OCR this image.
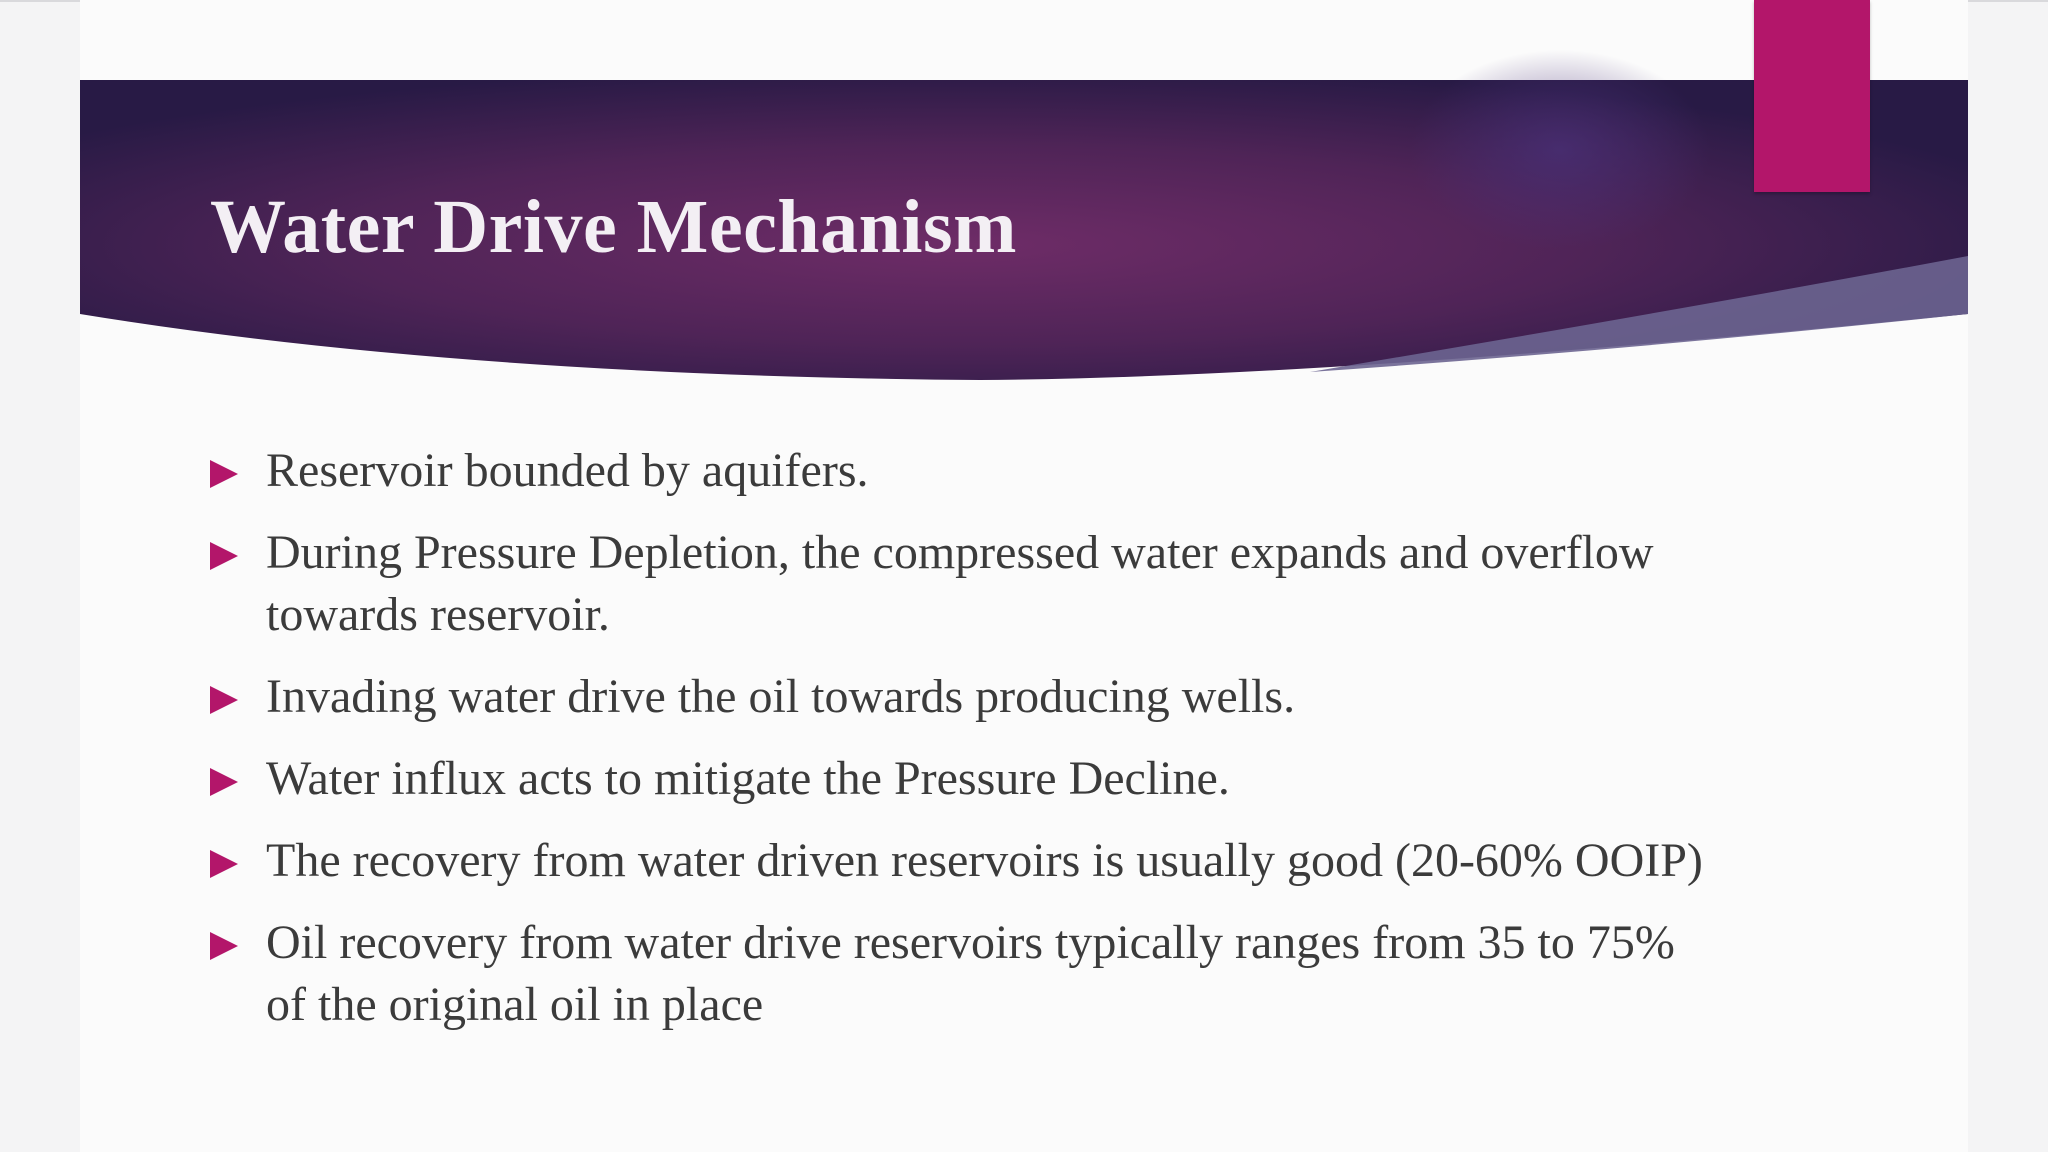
Water Drive Mechanism
Reservoir bounded by aquifers.
During Pressure Depletion, the compressed water expands and overflow towards reservoir.
Invading water drive the oil towards producing wells.
Water influx acts to mitigate the Pressure Decline.
The recovery from water driven reservoirs is usually good (20-60% OOIP)
Oil recovery from water drive reservoirs typically ranges from 35 to 75% of the original oil in place
